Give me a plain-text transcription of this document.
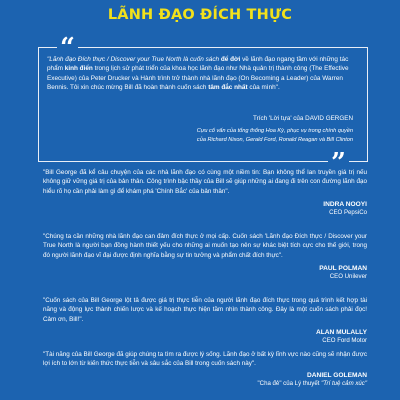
LÃNH ĐẠO ĐÍCH THỰC
“

"Lãnh đạo Đích thực / Discover your True North là cuốn sách để đời về lãnh đạo ngang tầm với những tác phẩm kinh điển trong lịch sử phát triển của khoa học lãnh đạo như Nhà quản trị thành công (The Effective Executive) của Peter Drucker và Hành trình trở thành nhà lãnh đạo (On Becoming a Leader) của Warren Bennis. Tôi xin chúc mừng Bill đã hoàn thành cuốn sách tâm đắc nhất của mình".

Trích 'Lời tựa' của DAVID GERGEN
Cựu cố vấn của tổng thống Hoa Kỳ, phục vụ trong chính quyền
của Richard Nixon, Gerald Ford, Ronald Reagan và Bill Clinton
”

"Bill George đã kể câu chuyện của các nhà lãnh đạo có cùng một niềm tin: Bạn không thể lan truyền giá trị nếu không giữ vững giá trị của bản thân. Công trình bậc thầy của Bill sẽ giúp những ai đang đi trên con đường lãnh đạo hiểu rõ họ cần phải làm gì để khám phá 'Chính Bắc' của bản thân".

INDRA NOOYI
CEO PepsiCo

"Chúng ta cần những nhà lãnh đạo can đảm đích thực ở mọi cấp. Cuốn sách 'Lãnh đạo Đích thực / Discover your True North là người bạn đồng hành thiết yếu cho những ai muốn tạo nên sự khác biệt tích cực cho thế giới, trong đó người lãnh đạo vĩ đại được định nghĩa bằng sự tin tưởng và phẩm chất đích thực".

PAUL POLMAN
CEO Unilever

"Cuốn sách của Bill George lột tả được giá trị thực tiễn của người lãnh đạo đích thực trong quá trình kết hợp tài năng và động lực thành chiến lược và kế hoạch thực hiện tầm nhìn thành công. Đây là một cuốn sách phải đọc! Cảm ơn, Bill!".

ALAN MULALLY
CEO Ford Motor

"Tài năng của Bill George đã giúp chúng ta tìm ra được lý sống. Lãnh đạo ở bất kỳ lĩnh vực nào cũng sẽ nhận được lợi ích to lớn từ kiến thức thực tiễn và sâu sắc của Bill trong cuốn sách này".

DANIEL GOLEMAN
"Cha đẻ" của Lý thuyết "Trí tuệ cảm xúc"
